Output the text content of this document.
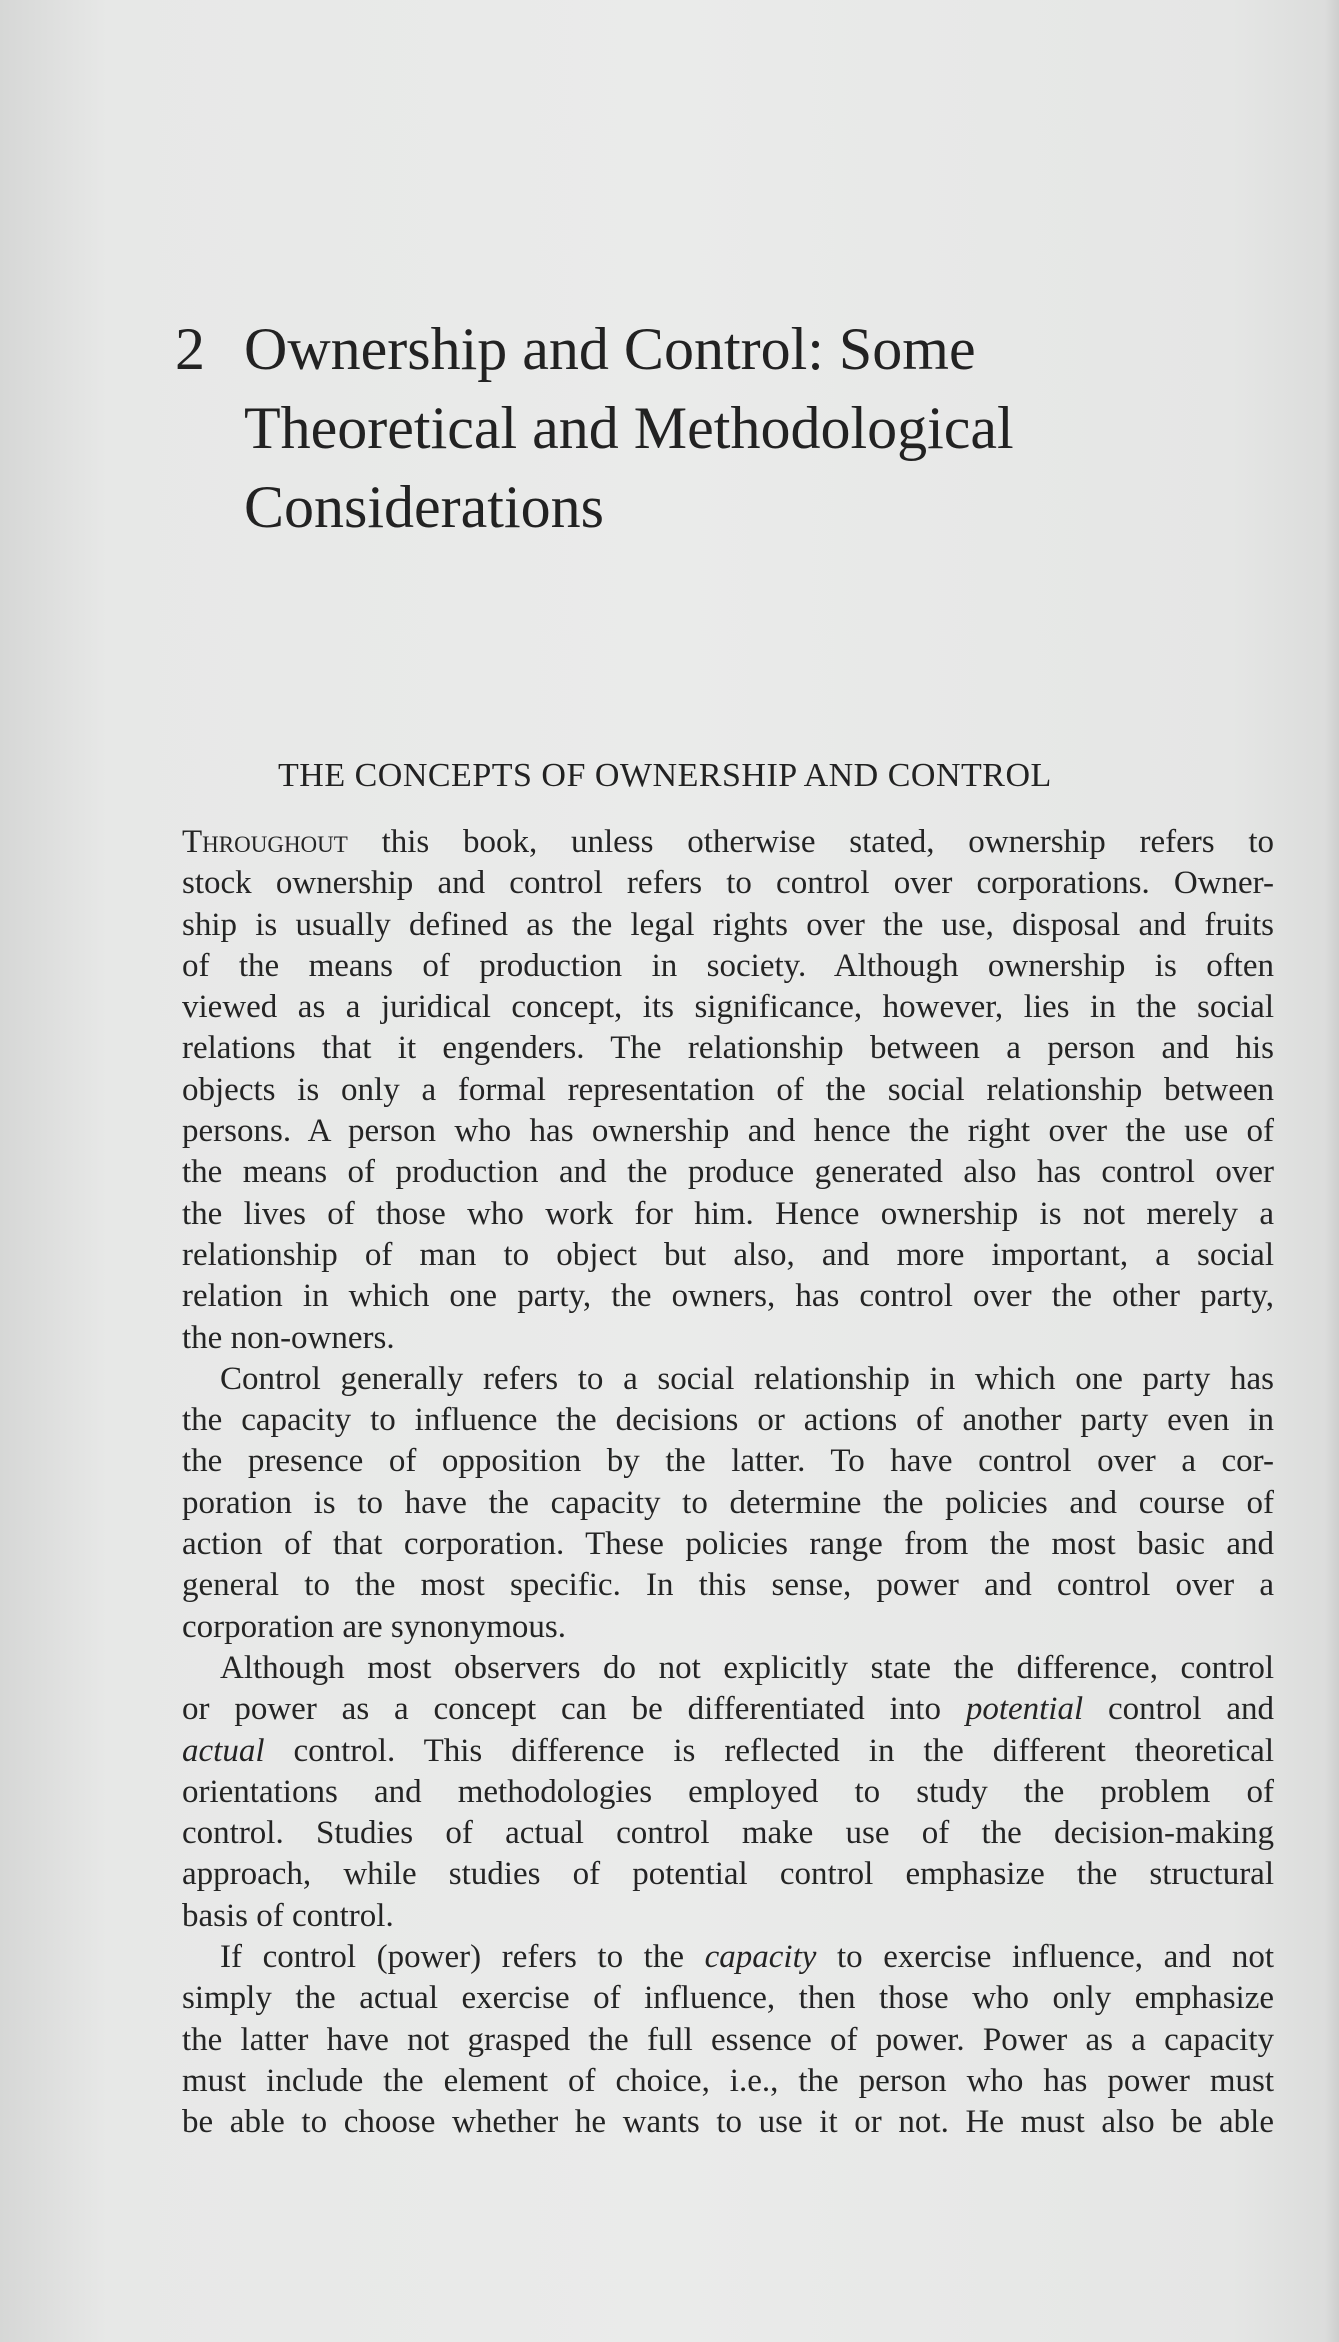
2 Ownership and Control: Some
Theoretical and Methodological
Considerations
THE CONCEPTS OF OWNERSHIP AND CONTROL
Throughout this book, unless otherwise stated, ownership refers to
stock ownership and control refers to control over corporations. Owner-
ship is usually defined as the legal rights over the use, disposal and fruits
of the means of production in society. Although ownership is often
viewed as a juridical concept, its significance, however, lies in the social
relations that it engenders. The relationship between a person and his
objects is only a formal representation of the social relationship between
persons. A person who has ownership and hence the right over the use of
the means of production and the produce generated also has control over
the lives of those who work for him. Hence ownership is not merely a
relationship of man to object but also, and more important, a social
relation in which one party, the owners, has control over the other party,
the non-owners.
Control generally refers to a social relationship in which one party has
the capacity to influence the decisions or actions of another party even in
the presence of opposition by the latter. To have control over a cor-
poration is to have the capacity to determine the policies and course of
action of that corporation. These policies range from the most basic and
general to the most specific. In this sense, power and control over a
corporation are synonymous.
Although most observers do not explicitly state the difference, control
or power as a concept can be differentiated into potential control and
actual control. This difference is reflected in the different theoretical
orientations and methodologies employed to study the problem of
control. Studies of actual control make use of the decision-making
approach, while studies of potential control emphasize the structural
basis of control.
If control (power) refers to the capacity to exercise influence, and not
simply the actual exercise of influence, then those who only emphasize
the latter have not grasped the full essence of power. Power as a capacity
must include the element of choice, i.e., the person who has power must
be able to choose whether he wants to use it or not. He must also be able
